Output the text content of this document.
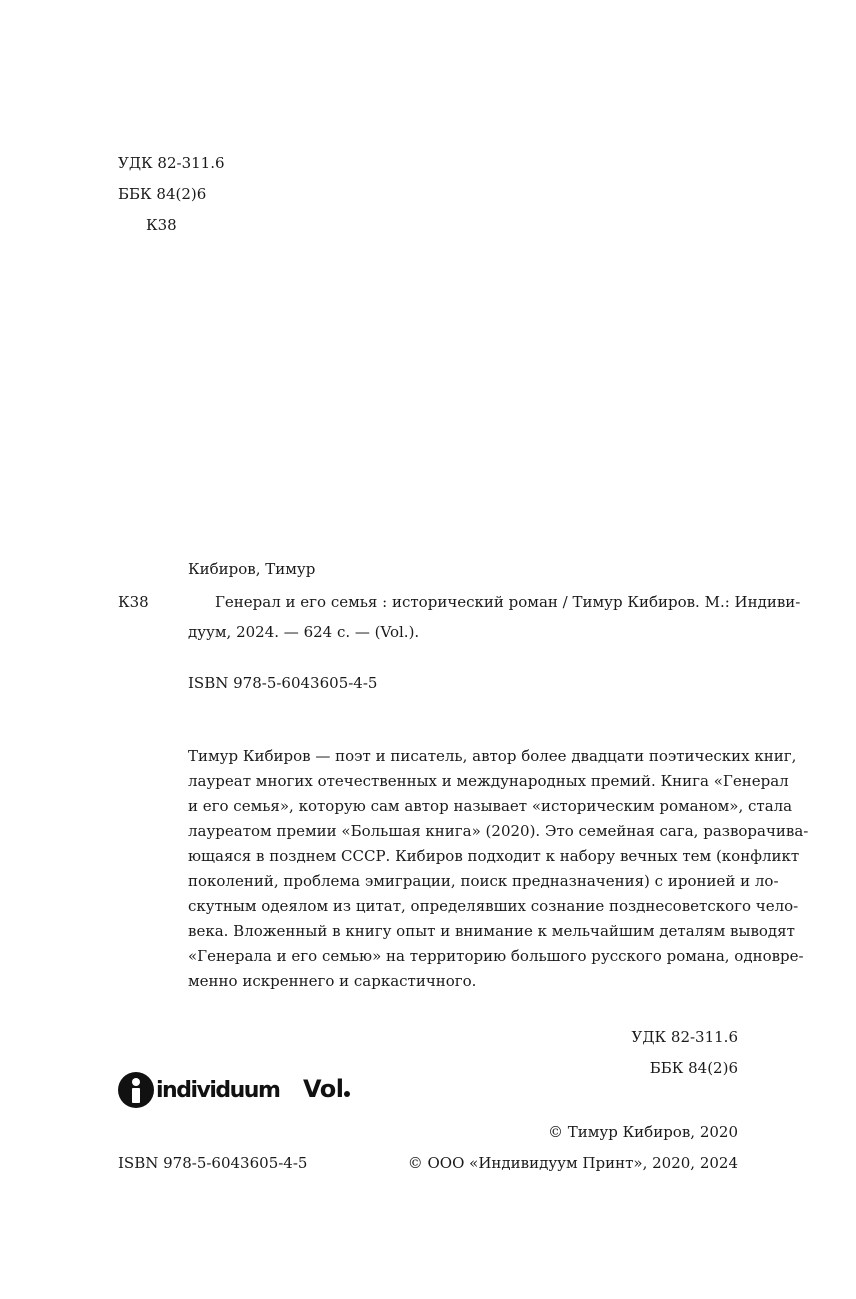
УДК 82-311.6
ББК 84(2)6
К38
Кибиров, Тимур
К38	Генерал и его семья : исторический роман / Тимур Кибиров. М.: Индиви-
дуум, 2024. — 624 с. — (Vol.).
ISBN 978-5-6043605-4-5
Тимур Кибиров — поэт и писатель, автор более двадцати поэтических книг,
лауреат многих отечественных и международных премий. Книга «Генерал
и его семья», которую сам автор называет «историческим романом», стала
лауреатом премии «Большая книга» (2020). Это семейная сага, разворачива-
ющаяся в позднем СССР. Кибиров подходит к набору вечных тем (конфликт
поколений, проблема эмиграции, поиск предназначения) с иронией и ло-
скутным одеялом из цитат, определявших сознание позднесоветского чело-
века. Вложенный в книгу опыт и внимание к мельчайшим деталям выводят
«Генерала и его семью» на территорию большого русского романа, одновре-
менно искреннего и саркастичного.
УДК 82-311.6
ББК 84(2)6
individuum Vol
© Тимур Кибиров, 2020
ISBN 978-5-6043605-4-5	© ООО «Индивидуум Принт», 2020, 2024
